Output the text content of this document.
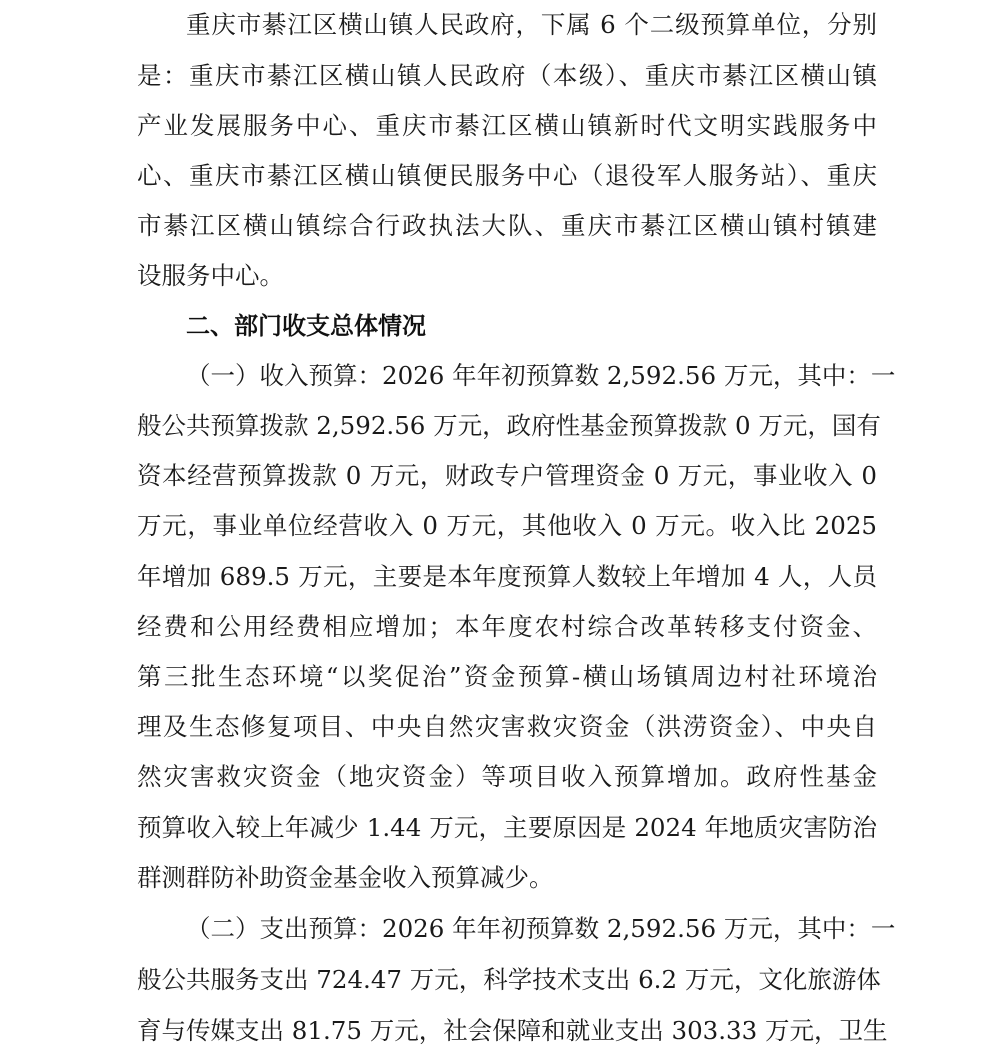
重庆市綦江区横山镇人民政府，下属 6 个二级预算单位，分别
是：重庆市綦江区横山镇人民政府（本级）、重庆市綦江区横山镇
产业发展服务中心、重庆市綦江区横山镇新时代文明实践服务中
心、重庆市綦江区横山镇便民服务中心（退役军人服务站）、重庆
市綦江区横山镇综合行政执法大队、重庆市綦江区横山镇村镇建
设服务中心。
二、部门收支总体情况
（一）收入预算：2026 年年初预算数 2,592.56 万元，其中：一
般公共预算拨款 2,592.56 万元，政府性基金预算拨款 0 万元，国有
资本经营预算拨款 0 万元，财政专户管理资金 0 万元，事业收入 0
万元，事业单位经营收入 0 万元，其他收入 0 万元。收入比 2025
年增加 689.5 万元，主要是本年度预算人数较上年增加 4 人，人员
经费和公用经费相应增加；本年度农村综合改革转移支付资金、
第三批生态环境“以奖促治”资金预算-横山场镇周边村社环境治
理及生态修复项目、中央自然灾害救灾资金（洪涝资金）、中央自
然灾害救灾资金（地灾资金）等项目收入预算增加。政府性基金
预算收入较上年减少 1.44 万元，主要原因是 2024 年地质灾害防治
群测群防补助资金基金收入预算减少。
（二）支出预算：2026 年年初预算数 2,592.56 万元，其中：一
般公共服务支出 724.47 万元，科学技术支出 6.2 万元，文化旅游体
育与传媒支出 81.75 万元，社会保障和就业支出 303.33 万元，卫生
